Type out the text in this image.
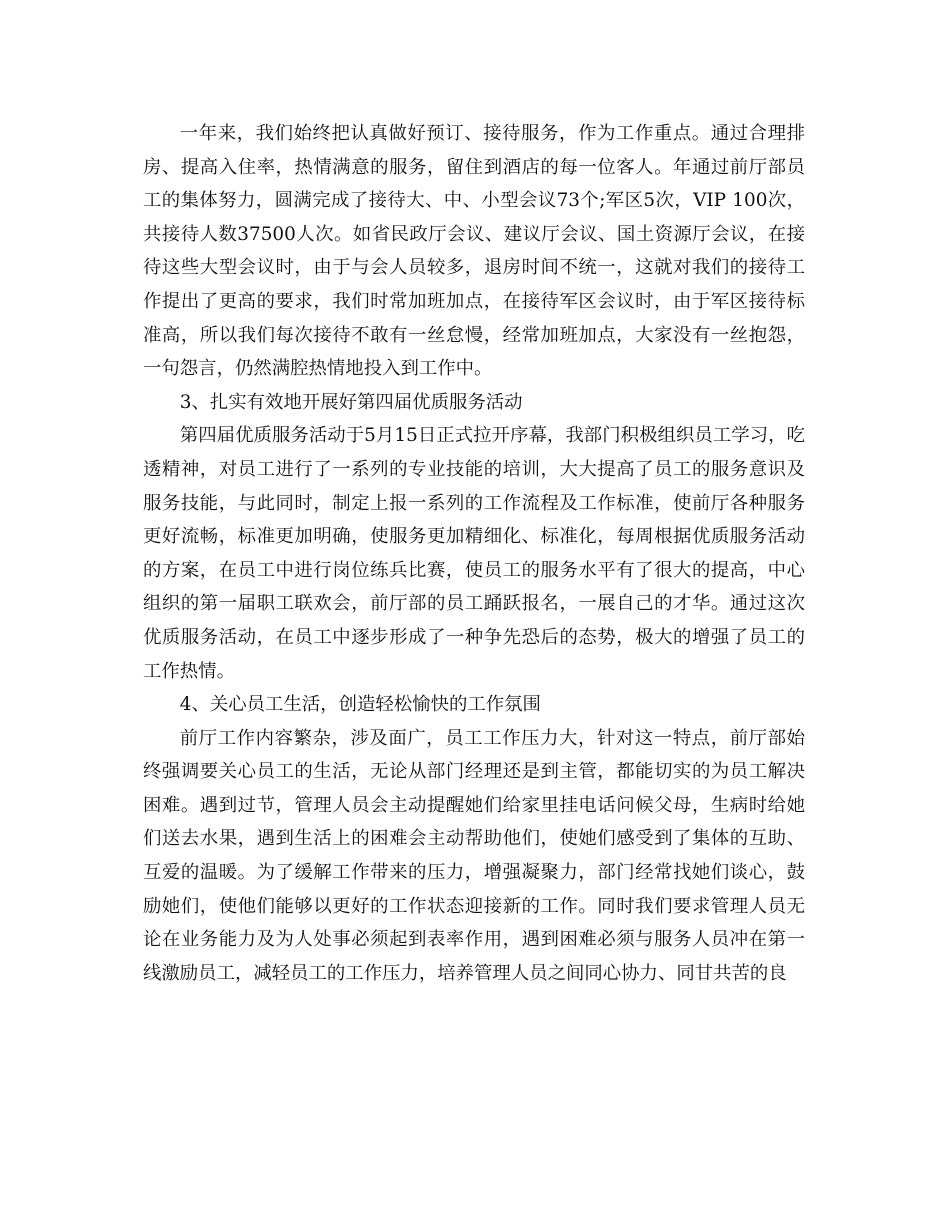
一年来，我们始终把认真做好预订、接待服务，作为工作重点。通过合理排房、提高入住率，热情满意的服务，留住到酒店的每一位客人。年通过前厅部员工的集体努力，圆满完成了接待大、中、小型会议73个;军区5次，VIP 100次，共接待人数37500人次。如省民政厅会议、建议厅会议、国土资源厅会议，在接待这些大型会议时，由于与会人员较多，退房时间不统一，这就对我们的接待工作提出了更高的要求，我们时常加班加点，在接待军区会议时，由于军区接待标准高，所以我们每次接待不敢有一丝怠慢，经常加班加点，大家没有一丝抱怨，一句怨言，仍然满腔热情地投入到工作中。

3、扎实有效地开展好第四届优质服务活动

第四届优质服务活动于5月15日正式拉开序幕，我部门积极组织员工学习，吃透精神，对员工进行了一系列的专业技能的培训，大大提高了员工的服务意识及服务技能，与此同时，制定上报一系列的工作流程及工作标准，使前厅各种服务更好流畅，标准更加明确，使服务更加精细化、标准化，每周根据优质服务活动的方案，在员工中进行岗位练兵比赛，使员工的服务水平有了很大的提高，中心组织的第一届职工联欢会，前厅部的员工踊跃报名，一展自己的才华。通过这次优质服务活动，在员工中逐步形成了一种争先恐后的态势，极大的增强了员工的工作热情。

4、关心员工生活，创造轻松愉快的工作氛围

前厅工作内容繁杂，涉及面广，员工工作压力大，针对这一特点，前厅部始终强调要关心员工的生活，无论从部门经理还是到主管，都能切实的为员工解决困难。遇到过节，管理人员会主动提醒她们给家里挂电话问候父母，生病时给她们送去水果，遇到生活上的困难会主动帮助他们，使她们感受到了集体的互助、互爱的温暖。为了缓解工作带来的压力，增强凝聚力，部门经常找她们谈心，鼓励她们，使他们能够以更好的工作状态迎接新的工作。同时我们要求管理人员无论在业务能力及为人处事必须起到表率作用，遇到困难必须与服务人员冲在第一线激励员工，减轻员工的工作压力，培养管理人员之间同心协力、同甘共苦的良
